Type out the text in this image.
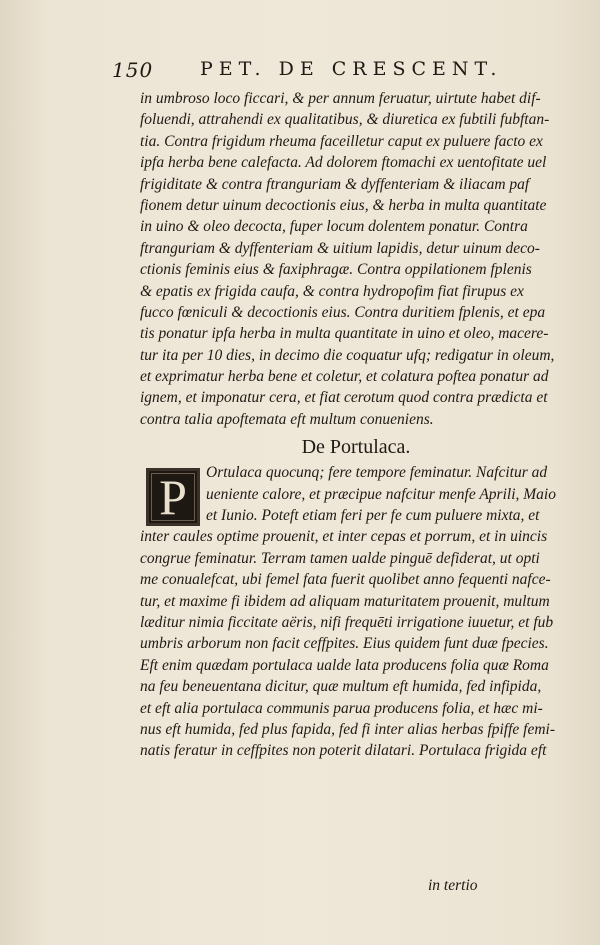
150 PET. DE CRESCENT.
in umbroso loco ficcari, & per annum feruatur, uirtute habet dif-
foluendi, attrahendi ex qualitatibus, & diuretica ex fubtili fubftan-
tia. Contra frigidum rheuma faceilletur caput ex puluere facto ex
ipfa herba bene calefacta. Ad dolorem ftomachi ex uentofitate uel
frigiditate & contra ftranguriam & dyffenteriam & iliacam paf
fionem detur uinum decoctionis eius, & herba in multa quantitate
in uino & oleo decocta, fuper locum dolentem ponatur. Contra
ftranguriam & dyffenteriam & uitium lapidis, detur uinum deco-
ctionis feminis eius & faxiphragæ. Contra oppilationem fplenis
& epatis ex frigida caufa, & contra hydropofim fiat firupus ex
fucco fœniculi & decoctionis eius. Contra duritiem fplenis, et epa
tis ponatur ipfa herba in multa quantitate in uino et oleo, macere-
tur ita per 10 dies, in decimo die coquatur ufq; redigatur in oleum,
et exprimatur herba bene et coletur, et colatura poftea ponatur ad
ignem, et imponatur cera, et fiat cerotum quod contra prædicta et
contra talia apoftemata eft multum conueniens.
De Portulaca.
P	Ortulaca quocunq; fere tempore feminatur. Nafcitur ad
ueniente calore, et præcipue nafcitur menfe Aprili, Maio
et Iunio. Poteft etiam feri per fe cum puluere mixta, et
inter caules optime prouenit, et inter cepas et porrum, et in uincis
congrue feminatur. Terram tamen ualde pinguē defiderat, ut opti
me conualefcat, ubi femel fata fuerit quolibet anno fequenti nafce-
tur, et maxime fi ibidem ad aliquam maturitatem prouenit, multum
læditur nimia ficcitate aëris, nifi frequēti irrigatione iuuetur, et fub
umbris arborum non facit ceffpites. Eius quidem funt duæ fpecies.
Eft enim quædam portulaca ualde lata producens folia quæ Roma
na feu beneuentana dicitur, quæ multum eft humida, fed infipida,
et eft alia portulaca communis parua producens folia, et hæc mi-
nus eft humida, fed plus fapida, fed fi inter alias herbas fpiffe femi-
natis feratur in ceffpites non poterit dilatari. Portulaca frigida eft
in tertio
